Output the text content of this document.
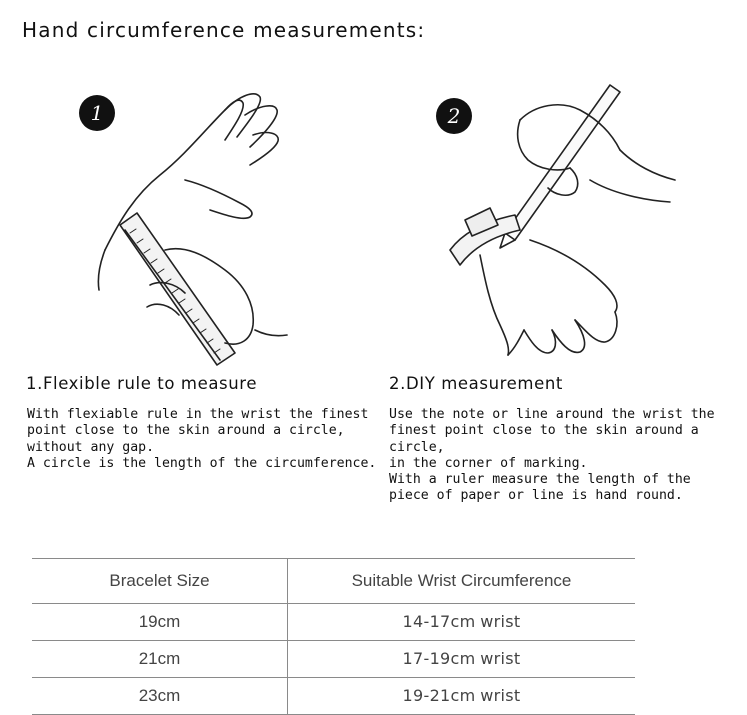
Hand circumference measurements:
1	2
1.Flexible rule to measure
With flexiable rule in the wrist the finest
point close to the skin around a circle,
without any gap.
A circle is the length of the circumference.
2.DIY measurement
Use the note or line around the wrist the
finest point close to the skin around a circle,
in the corner of marking.
With a ruler measure the length of the
piece of paper or line is hand round.
Bracelet Size	Suitable Wrist Circumference
19cm	14-17cm wrist
21cm	17-19cm wrist
23cm	19-21cm wrist
